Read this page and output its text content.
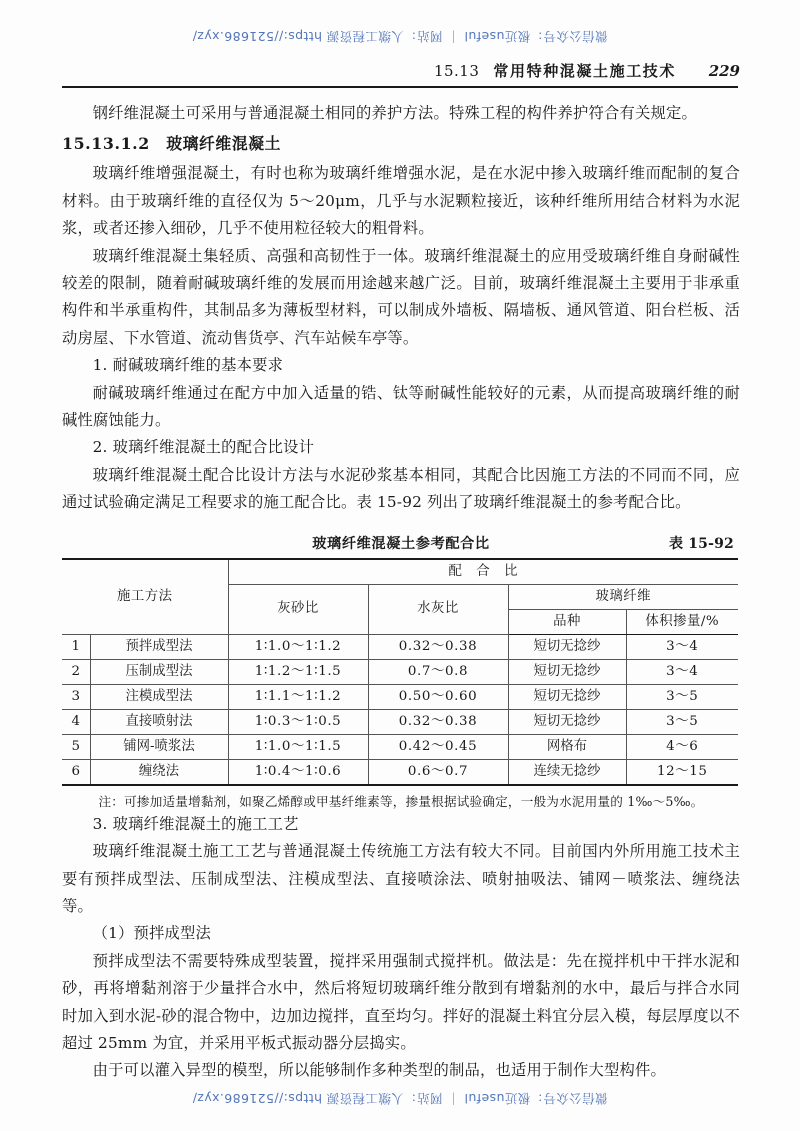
微信公众号：极近useful ｜ 网站：人缴工程资源 https://521686.xyz/
15.13 常用特种混凝土施工技术 229

钢纤维混凝土可采用与普通混凝土相同的养护方法。特殊工程的构件养护符合有关规定。

15.13.1.2　玻璃纤维混凝土

玻璃纤维增强混凝土，有时也称为玻璃纤维增强水泥，是在水泥中掺入玻璃纤维而配制的复合材料。由于玻璃纤维的直径仅为 5～20μm，几乎与水泥颗粒接近，该种纤维所用结合材料为水泥浆，或者还掺入细砂，几乎不使用粒径较大的粗骨料。

玻璃纤维混凝土集轻质、高强和高韧性于一体。玻璃纤维混凝土的应用受玻璃纤维自身耐碱性较差的限制，随着耐碱玻璃纤维的发展而用途越来越广泛。目前，玻璃纤维混凝土主要用于非承重构件和半承重构件，其制品多为薄板型材料，可以制成外墙板、隔墙板、通风管道、阳台栏板、活动房屋、下水管道、流动售货亭、汽车站候车亭等。

1. 耐碱玻璃纤维的基本要求

耐碱玻璃纤维通过在配方中加入适量的锆、钛等耐碱性能较好的元素，从而提高玻璃纤维的耐碱性腐蚀能力。

2. 玻璃纤维混凝土的配合比设计

玻璃纤维混凝土配合比设计方法与水泥砂浆基本相同，其配合比因施工方法的不同而不同，应通过试验确定满足工程要求的施工配合比。表 15-92 列出了玻璃纤维混凝土的参考配合比。

玻璃纤维混凝土参考配合比	表 15-92
施工方法		配　合　比			
		灰砂比	水灰比	玻璃纤维	
				品种	体积掺量/%
1	预拌成型法	1∶1.0～1∶1.2	0.32～0.38	短切无捻纱	3～4
2	压制成型法	1∶1.2～1∶1.5	0.7～0.8	短切无捻纱	3～4
3	注模成型法	1∶1.1～1∶1.2	0.50～0.60	短切无捻纱	3～5
4	直接喷射法	1∶0.3～1∶0.5	0.32～0.38	短切无捻纱	3～5
5	铺网-喷浆法	1∶1.0～1∶1.5	0.42～0.45	网格布	4～6
6	缠绕法	1∶0.4～1∶0.6	0.6～0.7	连续无捻纱	12～15
注：可掺加适量增黏剂，如聚乙烯醇或甲基纤维素等，掺量根据试验确定，一般为水泥用量的 1‰～5‰。

3. 玻璃纤维混凝土的施工工艺

玻璃纤维混凝土施工工艺与普通混凝土传统施工方法有较大不同。目前国内外所用施工技术主要有预拌成型法、压制成型法、注模成型法、直接喷涂法、喷射抽吸法、铺网－喷浆法、缠绕法等。

（1）预拌成型法

预拌成型法不需要特殊成型装置，搅拌采用强制式搅拌机。做法是：先在搅拌机中干拌水泥和砂，再将增黏剂溶于少量拌合水中，然后将短切玻璃纤维分散到有增黏剂的水中，最后与拌合水同时加入到水泥-砂的混合物中，边加边搅拌，直至均匀。拌好的混凝土料宜分层入模，每层厚度以不超过 25mm 为宜，并采用平板式振动器分层捣实。

由于可以灌入异型的模型，所以能够制作多种类型的制品，也适用于制作大型构件。

微信公众号：极近useful ｜ 网站：人缴工程资源 https://521686.xyz/
